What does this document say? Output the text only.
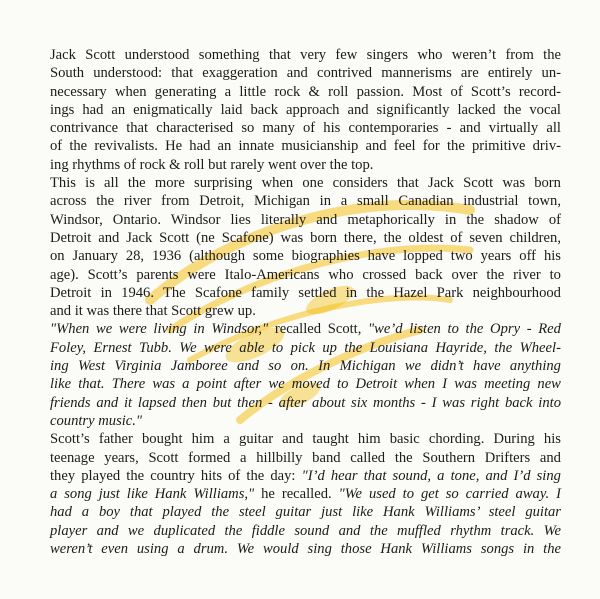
Jack Scott understood something that very few singers who weren’t from the
South understood: that exaggeration and contrived mannerisms are entirely un-
necessary when generating a little rock & roll passion. Most of Scott’s record-
ings had an enigmatically laid back approach and significantly lacked the vocal
contrivance that characterised so many of his contemporaries - and virtually all
of the revivalists. He had an innate musicianship and feel for the primitive driv-
ing rhythms of rock & roll but rarely went over the top.
This is all the more surprising when one considers that Jack Scott was born
across the river from Detroit, Michigan in a small Canadian industrial town,
Windsor, Ontario. Windsor lies literally and metaphorically in the shadow of
Detroit and Jack Scott (ne Scafone) was born there, the oldest of seven children,
on January 28, 1936 (although some biographies have lopped two years off his
age). Scott’s parents were Italo-Americans who crossed back over the river to
Detroit in 1946. The Scafone family settled in the Hazel Park neighbourhood
and it was there that Scott grew up.
"When we were living in Windsor," recalled Scott, "we’d listen to the Opry - Red
Foley, Ernest Tubb. We were able to pick up the Louisiana Hayride, the Wheel-
ing West Virginia Jamboree and so on. In Michigan we didn’t have anything
like that. There was a point after we moved to Detroit when I was meeting new
friends and it lapsed then but then - after about six months - I was right back into
country music."
Scott’s father bought him a guitar and taught him basic chording. During his
teenage years, Scott formed a hillbilly band called the Southern Drifters and
they played the country hits of the day: "I’d hear that sound, a tone, and I’d sing
a song just like Hank Williams," he recalled. "We used to get so carried away. I
had a boy that played the steel guitar just like Hank Williams’ steel guitar
player and we duplicated the fiddle sound and the muffled rhythm track. We
weren’t even using a drum. We would sing those Hank Williams songs in the
